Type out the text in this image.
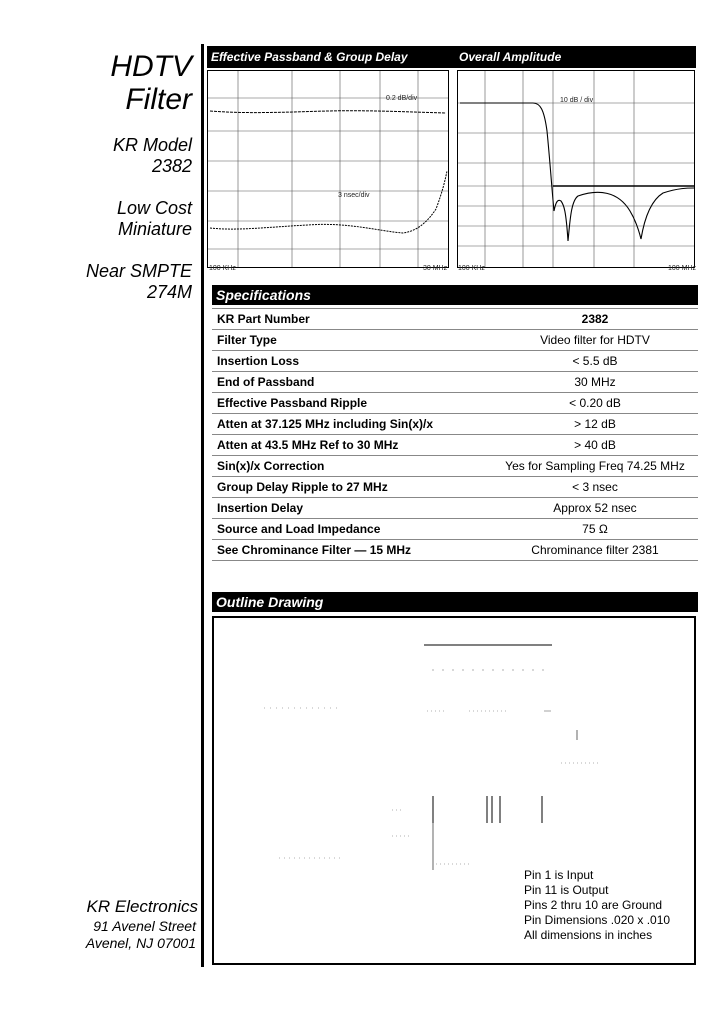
HDTV
Filter
KR Model
2382
Low Cost
Miniature
Near SMPTE
274M
KR Electronics
91 Avenel Street
Avenel, NJ 07001
Effective Passband & Group Delay	Overall Amplitude
0.2 dB/div
3 nsec/div
100 KHz	30 MHz
10 dB / div
100 KHz	100 MHz
Specifications
KR Part Number	2382
Filter Type	Video filter for HDTV
Insertion Loss	< 5.5 dB
End of Passband	30 MHz
Effective Passband Ripple	< 0.20 dB
Atten at 37.125 MHz including Sin(x)/x	> 12 dB
Atten at 43.5 MHz Ref to 30 MHz	> 40 dB
Sin(x)/x Correction	Yes for Sampling Freq 74.25 MHz
Group Delay Ripple to 27 MHz	< 3 nsec
Insertion Delay	Approx 52 nsec
Source and Load Impedance	75 Ω
See Chrominance Filter — 15 MHz	Chrominance filter 2381
Outline Drawing
Pin 1 is Input
Pin 11 is Output
Pins 2 thru 10 are Ground
Pin Dimensions .020 x .010
All dimensions in inches
